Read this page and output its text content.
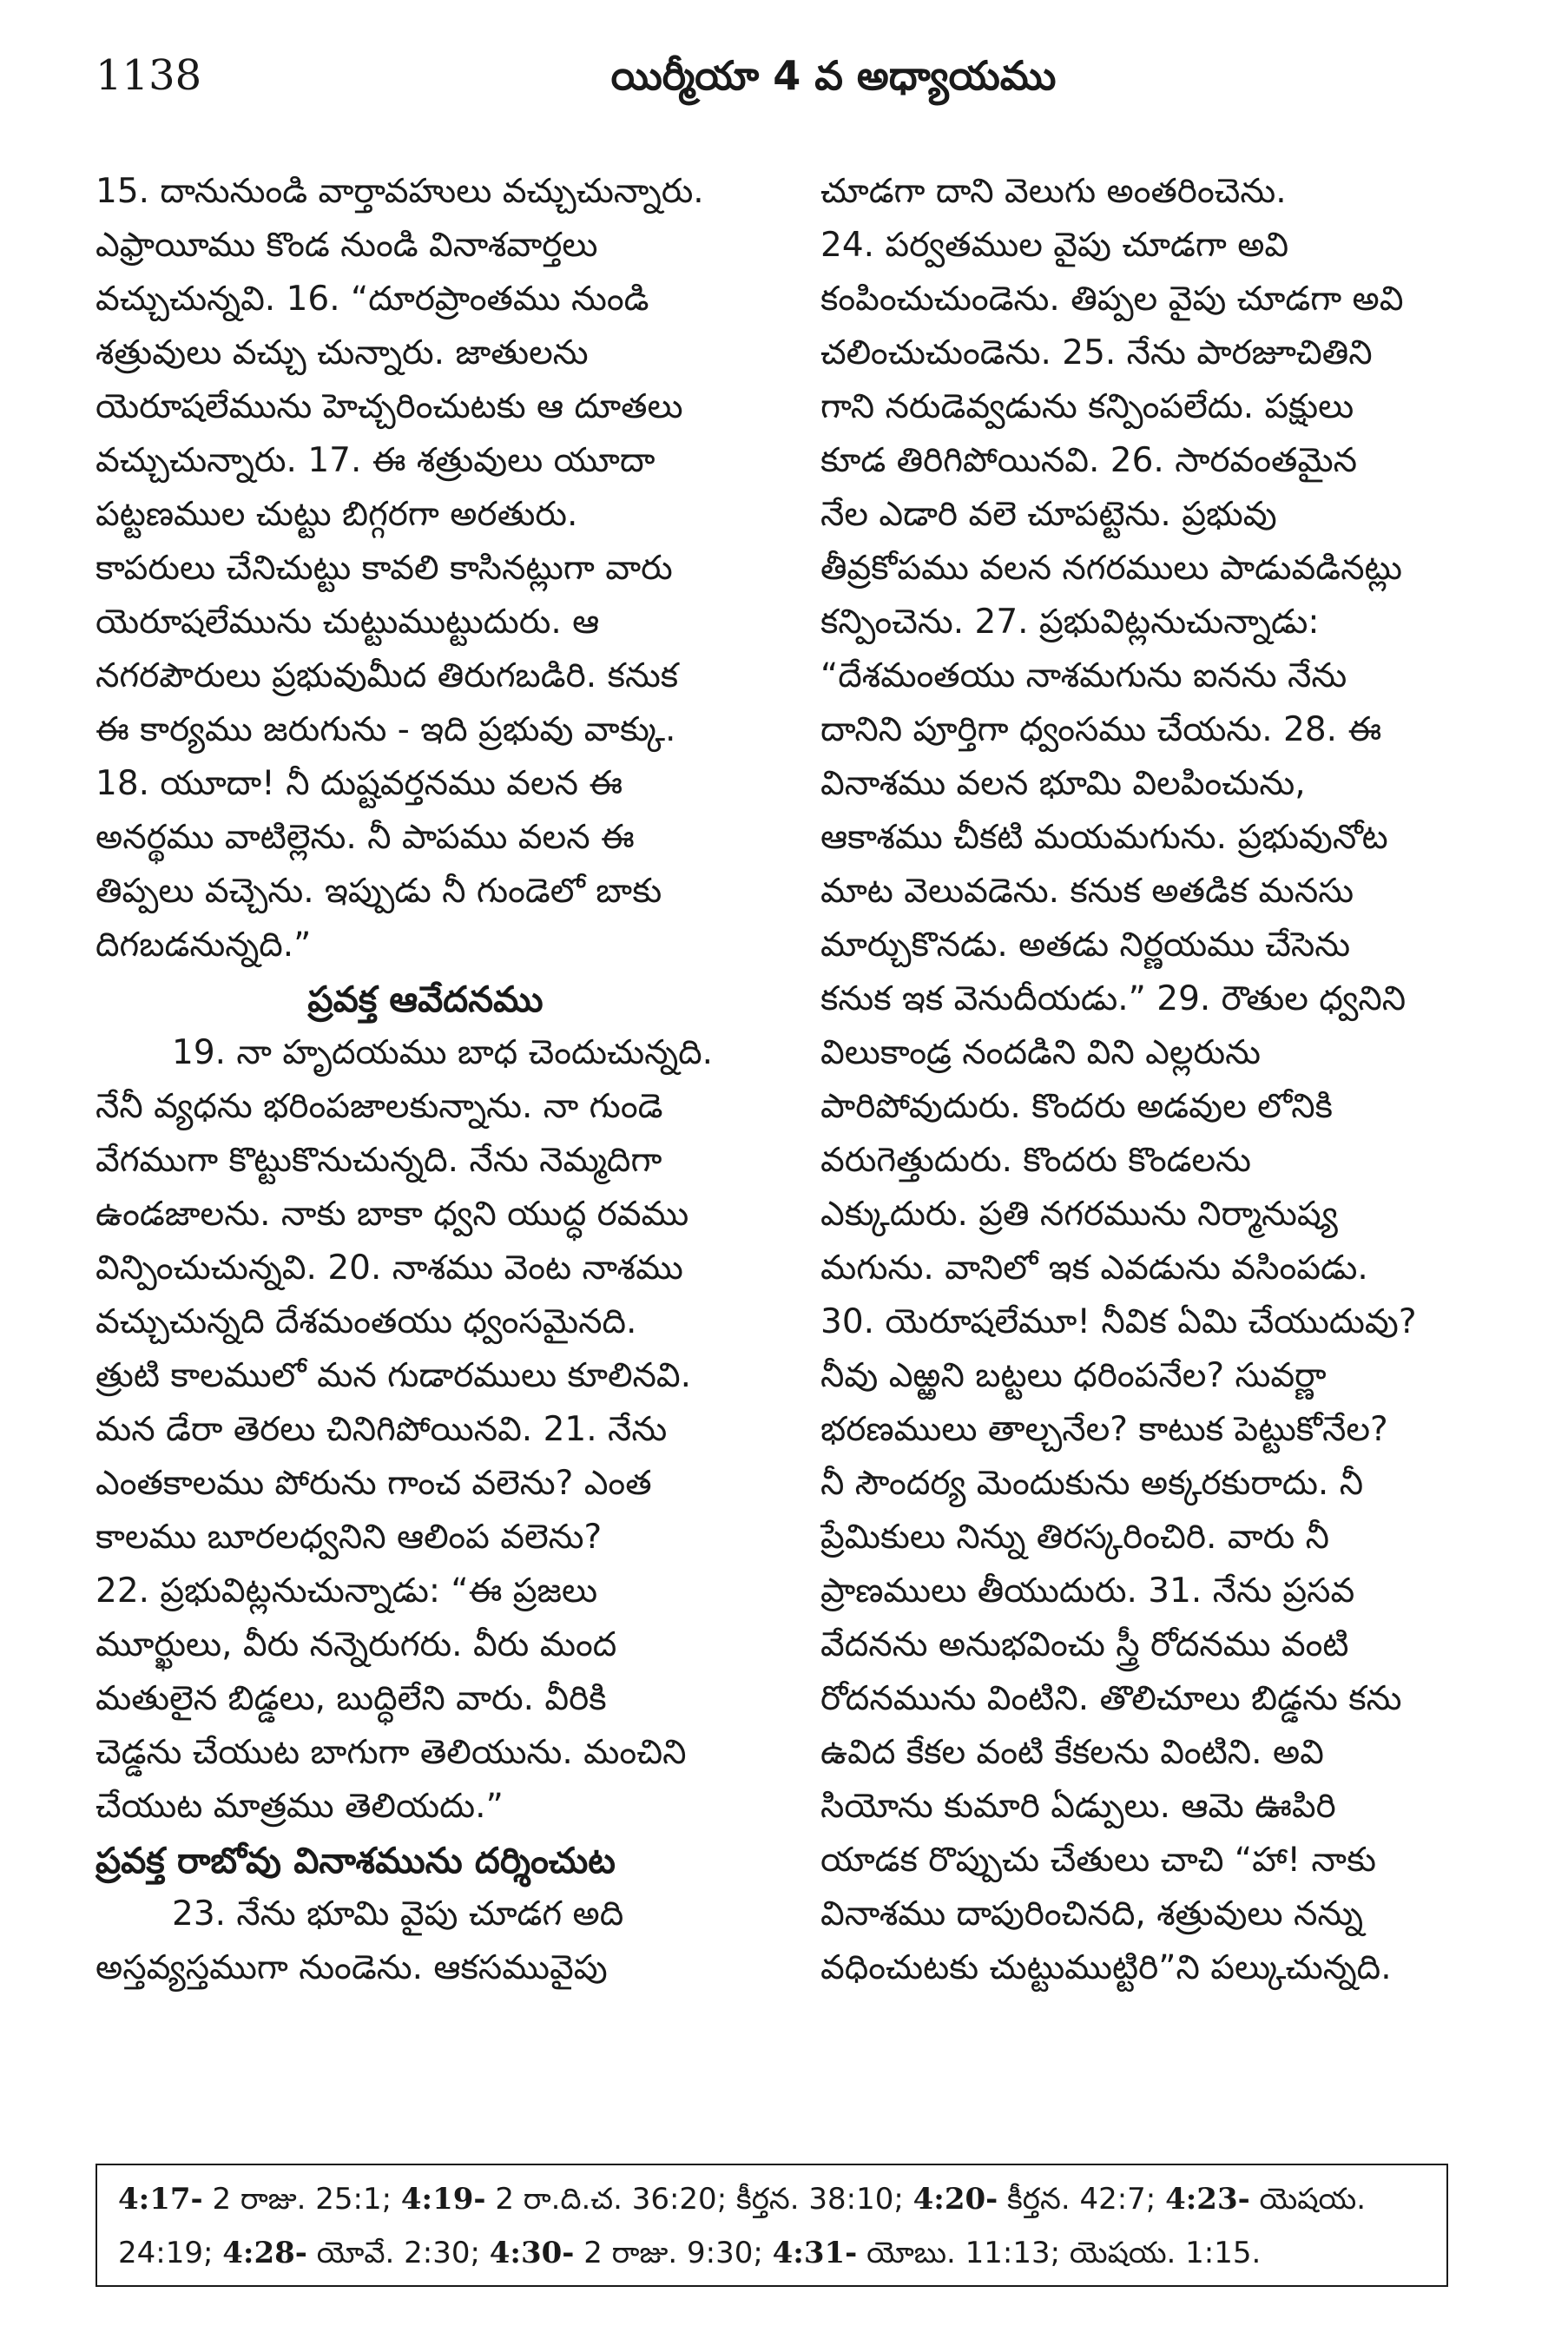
1138	యిర్మీయా 4 వ అధ్యాయము
15. దానునుండి వార్తావహులు వచ్చుచున్నారు.
ఎఫ్రాయీము కొండ నుండి వినాశవార్తలు
వచ్చుచున్నవి. 16. “దూరప్రాంతము నుండి
శత్రువులు వచ్చు చున్నారు. జాతులను
యెరూషలేమును హెచ్చరించుటకు ఆ దూతలు
వచ్చుచున్నారు. 17. ఈ శత్రువులు యూదా
పట్టణముల చుట్టు బిగ్గరగా అరతురు.
కాపరులు చేనిచుట్టు కావలి కాసినట్లుగా వారు
యెరూషలేమును చుట్టుముట్టుదురు. ఆ
నగరపౌరులు ప్రభువుమీద తిరుగబడిరి. కనుక
ఈ కార్యము జరుగును - ఇది ప్రభువు వాక్కు.
18. యూదా! నీ దుష్టవర్తనము వలన ఈ
అనర్థము వాటిల్లెను. నీ పాపము వలన ఈ
తిప్పలు వచ్చెను. ఇప్పుడు నీ గుండెలో బాకు
దిగబడనున్నది.”
ప్రవక్త ఆవేదనము
19. నా హృదయము బాధ చెందుచున్నది.
నేనీ వ్యధను భరింపజాలకున్నాను. నా గుండె
వేగముగా కొట్టుకొనుచున్నది. నేను నెమ్మదిగా
ఉండజాలను. నాకు బాకా ధ్వని యుద్ధ రవము
విన్పించుచున్నవి. 20. నాశము వెంట నాశము
వచ్చుచున్నది దేశమంతయు ధ్వంసమైనది.
త్రుటి కాలములో మన గుడారములు కూలినవి.
మన డేరా తెరలు చినిగిపోయినవి. 21. నేను
ఎంతకాలము పోరును గాంచ వలెను? ఎంత
కాలము బూరలధ్వనిని ఆలింప వలెను?
22. ప్రభువిట్లనుచున్నాడు: “ఈ ప్రజలు
మూర్ఖులు, వీరు నన్నెరుగరు. వీరు మంద
మతులైన బిడ్డలు, బుద్ధిలేని వారు. వీరికి
చెడ్డను చేయుట బాగుగా తెలియును. మంచిని
చేయుట మాత్రము తెలియదు.”
ప్రవక్త రాబోవు వినాశమును దర్శించుట
23. నేను భూమి వైపు చూడగ అది
అస్తవ్యస్తముగా నుండెను. ఆకసమువైపు
చూడగా దాని వెలుగు అంతరించెను.
24. పర్వతముల వైపు చూడగా అవి
కంపించుచుండెను. తిప్పల వైపు చూడగా అవి
చలించుచుండెను. 25. నేను పారజూచితిని
గాని నరుడెవ్వడును కన్పింపలేదు. పక్షులు
కూడ తిరిగిపోయినవి. 26. సారవంతమైన
నేల ఎడారి వలె చూపట్టెను. ప్రభువు
తీవ్రకోపము వలన నగరములు పాడువడినట్లు
కన్పించెను. 27. ప్రభువిట్లనుచున్నాడు:
“దేశమంతయు నాశమగును ఐనను నేను
దానిని పూర్తిగా ధ్వంసము చేయను. 28. ఈ
వినాశము వలన భూమి విలపించును,
ఆకాశము చీకటి మయమగును. ప్రభువునోట
మాట వెలువడెను. కనుక అతడిక మనసు
మార్చుకొనడు. అతడు నిర్ణయము చేసెను
కనుక ఇక వెనుదీయడు.” 29. రౌతుల ధ్వనిని
విలుకాండ్ర నందడిని విని ఎల్లరును
పారిపోవుదురు. కొందరు అడవుల లోనికి
వరుగెత్తుదురు. కొందరు కొండలను
ఎక్కుదురు. ప్రతి నగరమును నిర్మానుష్య
మగును. వానిలో ఇక ఎవడును వసింపడు.
30. యెరూషలేమూ! నీవిక ఏమి చేయుదువు?
నీవు ఎఱ్ఱని బట్టలు ధరింపనేల? సువర్ణా
భరణములు తాల్చనేల? కాటుక పెట్టుకోనేల?
నీ సౌందర్య మెందుకును అక్కరకురాదు. నీ
ప్రేమికులు నిన్ను తిరస్కరించిరి. వారు నీ
ప్రాణములు తీయుదురు. 31. నేను ప్రసవ
వేదనను అనుభవించు స్త్రీ రోదనము వంటి
రోదనమును వింటిని. తొలిచూలు బిడ్డను కను
ఉవిద కేకల వంటి కేకలను వింటిని. అవి
సియోను కుమారి ఏడ్పులు. ఆమె ఊపిరి
యాడక రొప్పుచు చేతులు చాచి “హా! నాకు
వినాశము దాపురించినది, శత్రువులు నన్ను
వధించుటకు చుట్టుముట్టిరి”ని పల్కుచున్నది.
4:17- 2 రాజు. 25:1; 4:19- 2 రా.ది.చ. 36:20; కీర్తన. 38:10; 4:20- కీర్తన. 42:7; 4:23- యెషయ.
24:19; 4:28- యోవే. 2:30; 4:30- 2 రాజు. 9:30; 4:31- యోబు. 11:13; యెషయ. 1:15.
